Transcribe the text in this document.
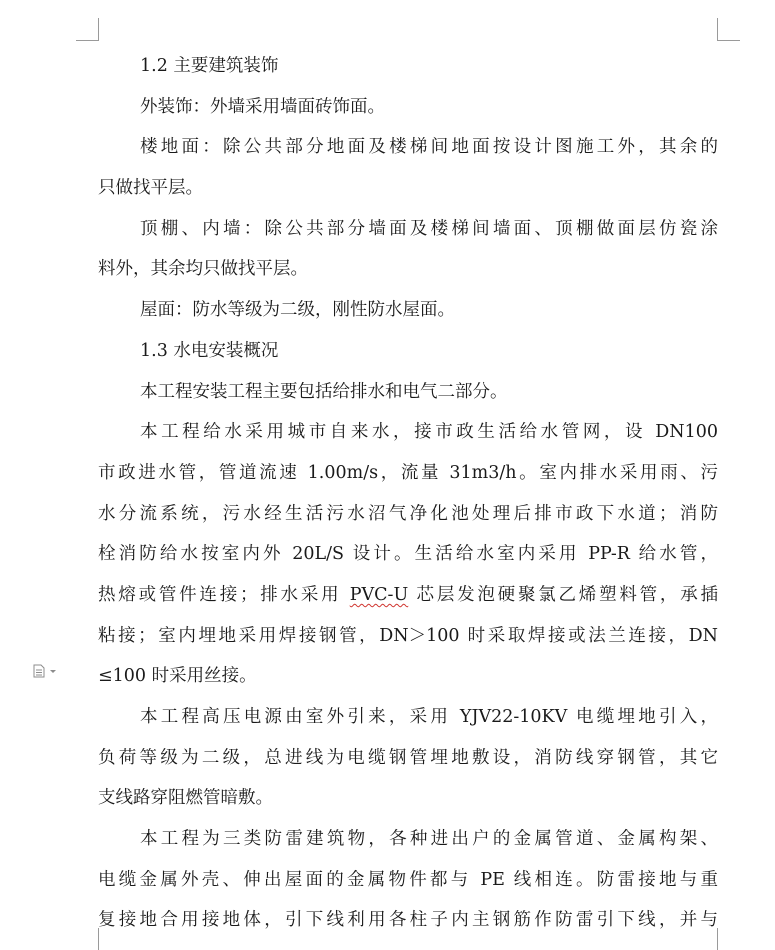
1.2 主要建筑装饰
外装饰：外墙采用墙面砖饰面。
楼地面：除公共部分地面及楼梯间地面按设计图施工外，其余的
只做找平层。
顶棚、内墙：除公共部分墙面及楼梯间墙面、顶棚做面层仿瓷涂
料外，其余均只做找平层。
屋面：防水等级为二级，刚性防水屋面。
1.3 水电安装概况
本工程安装工程主要包括给排水和电气二部分。
本工程给水采用城市自来水，接市政生活给水管网，设 DN100
市政进水管，管道流速 1.00m/s，流量 31m3/h。室内排水采用雨、污
水分流系统，污水经生活污水沼气净化池处理后排市政下水道；消防
栓消防给水按室内外 20L/S 设计。生活给水室内采用 PP-R 给水管，
热熔或管件连接；排水采用 PVC-U 芯层发泡硬聚氯乙烯塑料管，承插
粘接；室内埋地采用焊接钢管，DN＞100 时采取焊接或法兰连接，DN
≤100 时采用丝接。
本工程高压电源由室外引来，采用 YJV22-10KV 电缆埋地引入，
负荷等级为二级，总进线为电缆钢管埋地敷设，消防线穿钢管，其它
支线路穿阻燃管暗敷。
本工程为三类防雷建筑物，各种进出户的金属管道、金属构架、
电缆金属外壳、伸出屋面的金属物件都与 PE 线相连。防雷接地与重
复接地合用接地体，引下线利用各柱子内主钢筋作防雷引下线，并与
